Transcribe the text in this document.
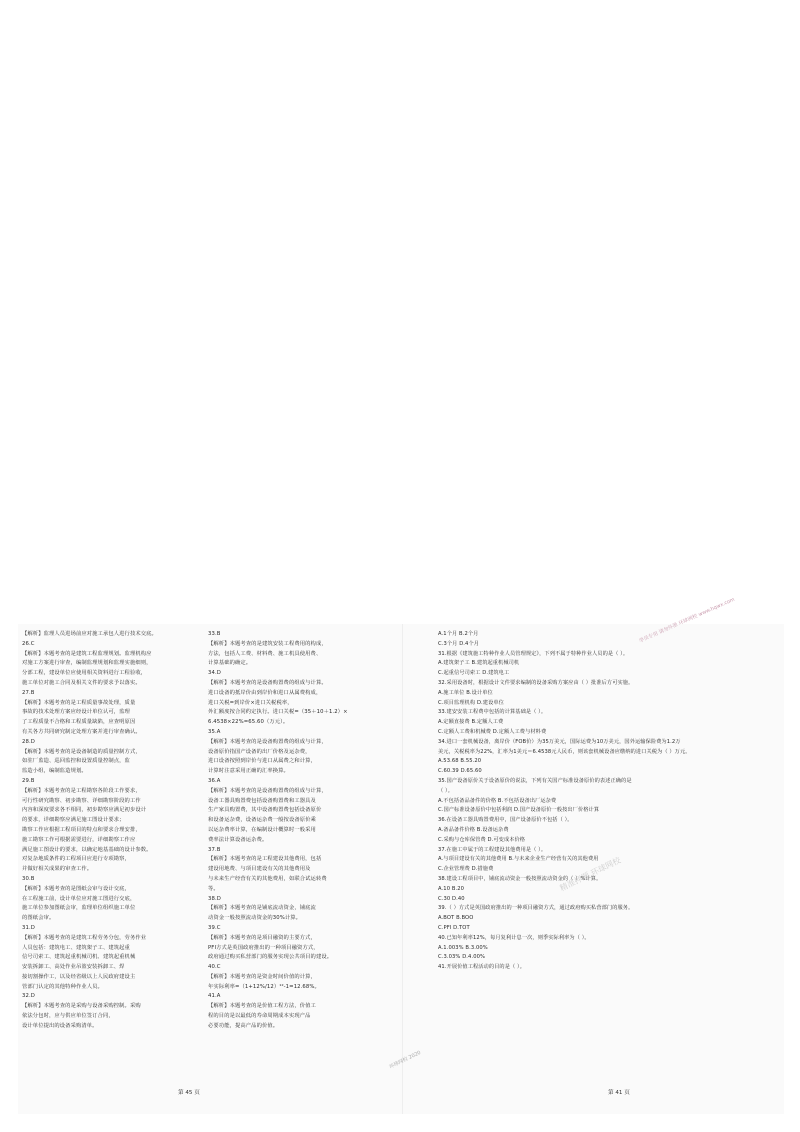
【解析】监理人员进场前应对施工承包人进行技术交底。

26.C

【解析】本题考查的是建筑工程监理规划。监理机构应

对施工方案进行审查，编制监理规划和监理实施细则，

分部工程，建设单位应使用相关资料进行工程验收，

施工单位对施工合同及相关文件的要求予以落实。

27.B

【解析】本题考查的是工程质量事故处理，质量

事故的技术处理方案应经设计单位认可，监理

了工程质量不合格和工程质量缺陷，应查明原因

有关各方共同研究制定处理方案并进行审查确认。

28.D

【解析】本题考查的是设备制造的质量控制方式，

如驻厂监造、巡回监控和设置质量控制点，监

监造小组，编制监造规划。

29.B

【解析】本题考查的是工程勘察各阶段工作要求，

可行性研究勘察、初步勘察、详细勘察阶段的工作

内容和深度要求各不相同，初步勘察应满足初步设计

的要求，详细勘察应满足施工图设计要求；

勘察工作应根据工程项目的特点和要求合理安排，

施工勘察工作可根据需要进行，详细勘察工作应

满足施工图设计的要求，以确定地基基础的设计参数。

对复杂地质条件的工程项目应进行专项勘察，

并做好相关成果的审查工作。

30.B

【解析】本题考查的是图纸会审与设计交底，

在工程施工前，设计单位应对施工图进行交底，

施工单位参加图纸会审，监理单位组织施工单位

的图纸会审。

31.D

【解析】本题考查的是建筑工程劳务分包，劳务作业

人员包括：建筑电工、建筑架子工、建筑起重

信号司索工、建筑起重机械司机、建筑起重机械

安装拆卸工、高处作业吊篮安装拆卸工、焊

接切割操作工，以及经省级以上人民政府建设主

管部门认定的其他特种作业人员。

32.D

【解析】本题考查的是采购与设备采购控制。采购

依法分包时，应与供应单位签订合同，

设计单位提出的设备采购清单。

33.B

【解析】本题考查的是建筑安装工程费用的构成，

方法，包括人工费、材料费、施工机具使用费、

计算基础的确定。

34.D

【解析】本题考查的是设备购置费的组成与计算。

进口设备的抵岸价由到岸价和进口从属费构成，

进口关税=到岸价×进口关税税率，

外汇额度按合同约定执行。进口关税=（35＋10＋1.2）×

6.4538×22%=65.60（万元）。

35.A

【解析】本题考查的是设备购置费的组成与计算，

设备原价指国产设备的出厂价格及运杂费，

进口设备按照到岸价与进口从属费之和计算，

计算时注意采用正确的汇率换算。

36.A

【解析】本题考查的是设备购置费的组成与计算，

设备工器具购置费包括设备购置费和工器具及

生产家具购置费，其中设备购置费包括设备原价

和设备运杂费，设备运杂费一般按设备原价乘

以运杂费率计算，在编制设计概算时一般采用

费率法计算设备运杂费。

37.B

【解析】本题考查的是工程建设其他费用，包括

建设用地费、与项目建设有关的其他费用及

与未来生产经营有关的其他费用，如联合试运转费

等。

38.D

【解析】本题考查的是铺底流动资金，铺底流

动资金一般按照流动资金的30%计算。

39.C

【解析】本题考查的是项目融资的主要方式，

PFI方式是英国政府推出的一种项目融资方式，

政府通过购买私营部门的服务实现公共项目的建设。

40.C

【解析】本题考查的是资金时间价值的计算，

年实际利率=（1+12%/12）¹²-1=12.68%。

41.A

【解析】本题考查的是价值工程方法，价值工

程的目的是以最低的寿命周期成本实现产品

必要功能，提高产品的价值。

A.1个月 B.2个月

C.3个月 D.4个月

31.根据《建筑施工特种作业人员管理规定》，下列不属于特种作业人员的是（ ）。

A.建筑架子工 B.建筑起重机械司机

C.起重信号司索工 D.建筑电工

32.采用设备时，根据设计文件要求编制的设备采购方案应由（ ）批准后方可实施。

A.施工单位 B.设计单位

C.项目监理机构 D.建设单位

33.建安安装工程费中包括的计算基础是（ ）。

A.定额直接费 B.定额人工费

C.定额人工费和机械费 D.定额人工费与材料费

34.进口一套机械设备，离岸价（FOB价）为35万美元，国际运费为10万美元，国外运输保险费为1.2万

美元，关税税率为22%，汇率为1美元＝6.4538元人民币，则该套机械设备应缴纳的进口关税为（ ）万元。

A.53.68 B.55.20

C.60.39 D.65.60

35.国产设备原价关于设备原价的说法，下列有关国产标准设备原价的表述正确的是

（ ）。

A.不包括备品备件的价格 B.不包括设备出厂运杂费

C.国产标准设备原价中包括利润 D.国产设备原价一般按出厂价格计算

36.在设备工器具购置费用中，国产设备原价不包括（ ）。

A.备品备件价格 B.设备运杂费

C.采购与仓库保管费 D.可变成本价格

37.在施工中属于的工程建设其他费用是（ ）。

A.与项目建设有关的其他费用 B.与未来企业生产经营有关的其他费用

C.企业管理费 D.措施费

38.建设工程项目中，铺底流动资金一般按照流动资金的（ ）%计算。

A.10 B.20

C.30 D.40

39.（ ）方式是英国政府推出的一种项目融资方式，通过政府购买私营部门的服务。

A.BOT B.BOO

C.PFI D.TOT

40.已知年利率12%，每月复利计息一次，则季实际利率为（ ）。

A.1.003% B.3.00%

C.3.03% D.4.00%

41.开展价值工程活动的目的是（ ）。

第 45 页	第 41 页
学员专用 请勿外泄 环球网校 www.hqwx.com
精准押题 环球网校
环球网校 2020
